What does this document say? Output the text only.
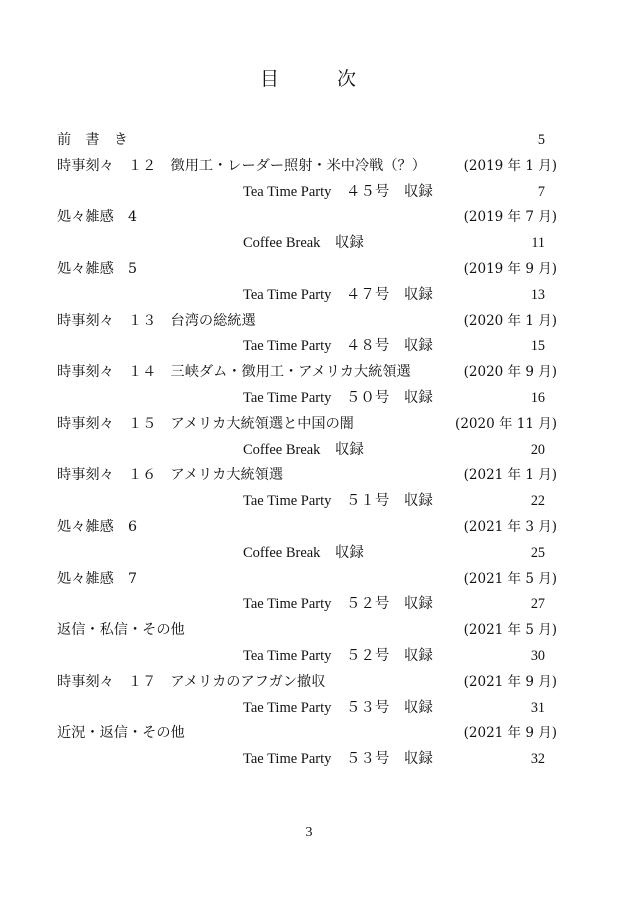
目	次
前　書　き	5
時事刻々　１２　徴用工・レーダー照射・米中冷戦（？）	(2019 年 1 月)
Tea Time Party　４５号　収録	7
処々雑感　4	(2019 年 7 月)
Coffee Break　収録	11
処々雑感　5	(2019 年 9 月)
Tea Time Party　４７号　収録	13
時事刻々　１３　台湾の総統選	(2020 年 1 月)
Tae Time Party　４８号　収録	15
時事刻々　１４　三峡ダム・徴用工・アメリカ大統領選	(2020 年 9 月)
Tae Time Party　５０号　収録	16
時事刻々　１５　アメリカ大統領選と中国の闇	(2020 年 11 月)
Coffee Break　収録	20
時事刻々　１６　アメリカ大統領選	(2021 年 1 月)
Tae Time Party　５１号　収録	22
処々雑感　6	(2021 年 3 月)
Coffee Break　収録	25
処々雑感　7	(2021 年 5 月)
Tae Time Party　５２号　収録	27
返信・私信・その他	(2021 年 5 月)
Tea Time Party　５２号　収録	30
時事刻々　１７　アメリカのアフガン撤収	(2021 年 9 月)
Tae Time Party　５３号　収録	31
近況・返信・その他	(2021 年 9 月)
Tae Time Party　５３号　収録	32
3
